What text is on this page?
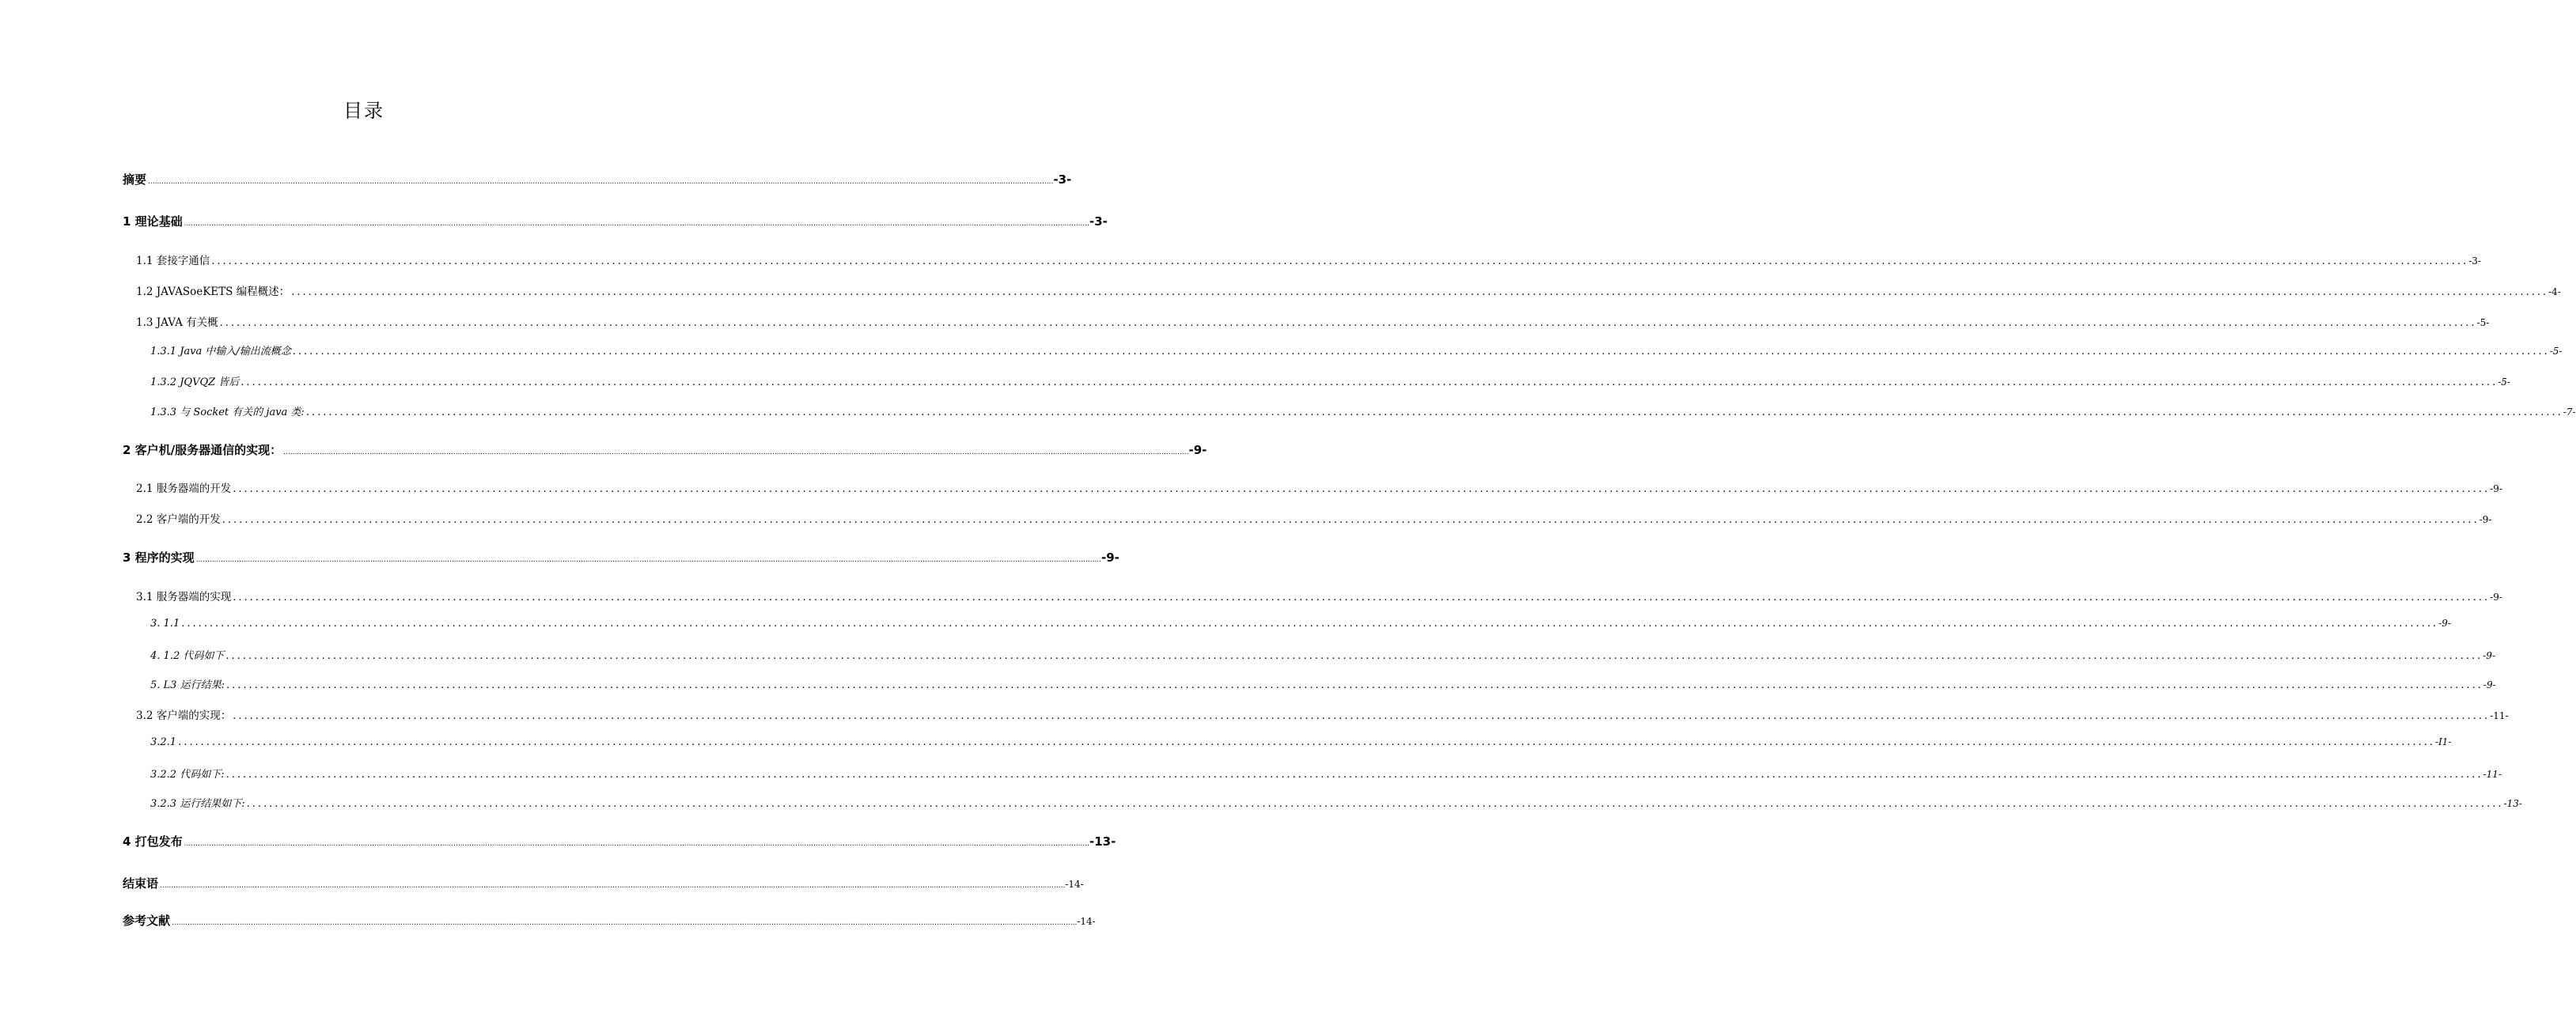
目录
摘要 ................................................................................................................................................................................................................................................................................................................................................................................................................ -3-
1 理论基础 ................................................................................................................................................................................................................................................................................................................................................................................................................ -3-
1.1 套接字通信 ................................................................................................................................................................................................................................................................................................................................................................................................................ -3-
1.2 JAVASoeKETS 编程概述： ................................................................................................................................................................................................................................................................................................................................................................................................................ -4-
1.3 JAVA 有关概 ................................................................................................................................................................................................................................................................................................................................................................................................................ -5-
1.3.1 Java 中输入/输出流概念 ................................................................................................................................................................................................................................................................................................................................................................................................................ -5-
1.3.2 JQVQZ 皆后 ................................................................................................................................................................................................................................................................................................................................................................................................................ -5-
1.3.3 与 Socket 有关的 java 类: ................................................................................................................................................................................................................................................................................................................................................................................................................ -7-
2 客户机/服务器通信的实现： ................................................................................................................................................................................................................................................................................................................................................................................................................ -9-
2.1 服务器端的开发 ................................................................................................................................................................................................................................................................................................................................................................................................................ -9-
2.2 客户端的开发 ................................................................................................................................................................................................................................................................................................................................................................................................................ -9-
3 程序的实现 ................................................................................................................................................................................................................................................................................................................................................................................................................ -9-
3.1 服务器端的实现 ................................................................................................................................................................................................................................................................................................................................................................................................................ -9-
3. 1.1 ................................................................................................................................................................................................................................................................................................................................................................................................................ -9-
4. 1.2 代码如下 ................................................................................................................................................................................................................................................................................................................................................................................................................ -9-
5. L3 运行结果: ................................................................................................................................................................................................................................................................................................................................................................................................................ -9-
3.2 客户端的实现： ................................................................................................................................................................................................................................................................................................................................................................................................................ -11-
3.2.1 ................................................................................................................................................................................................................................................................................................................................................................................................................ -I1-
3.2.2 代码如下: ................................................................................................................................................................................................................................................................................................................................................................................................................ -11-
3.2.3 运行结果如下: ................................................................................................................................................................................................................................................................................................................................................................................................................ -13-
4 打包发布 ................................................................................................................................................................................................................................................................................................................................................................................................................ -13-
结束语 ................................................................................................................................................................................................................................................................................................................................................................................................................ -14-
参考文献 ................................................................................................................................................................................................................................................................................................................................................................................................................ -14-
